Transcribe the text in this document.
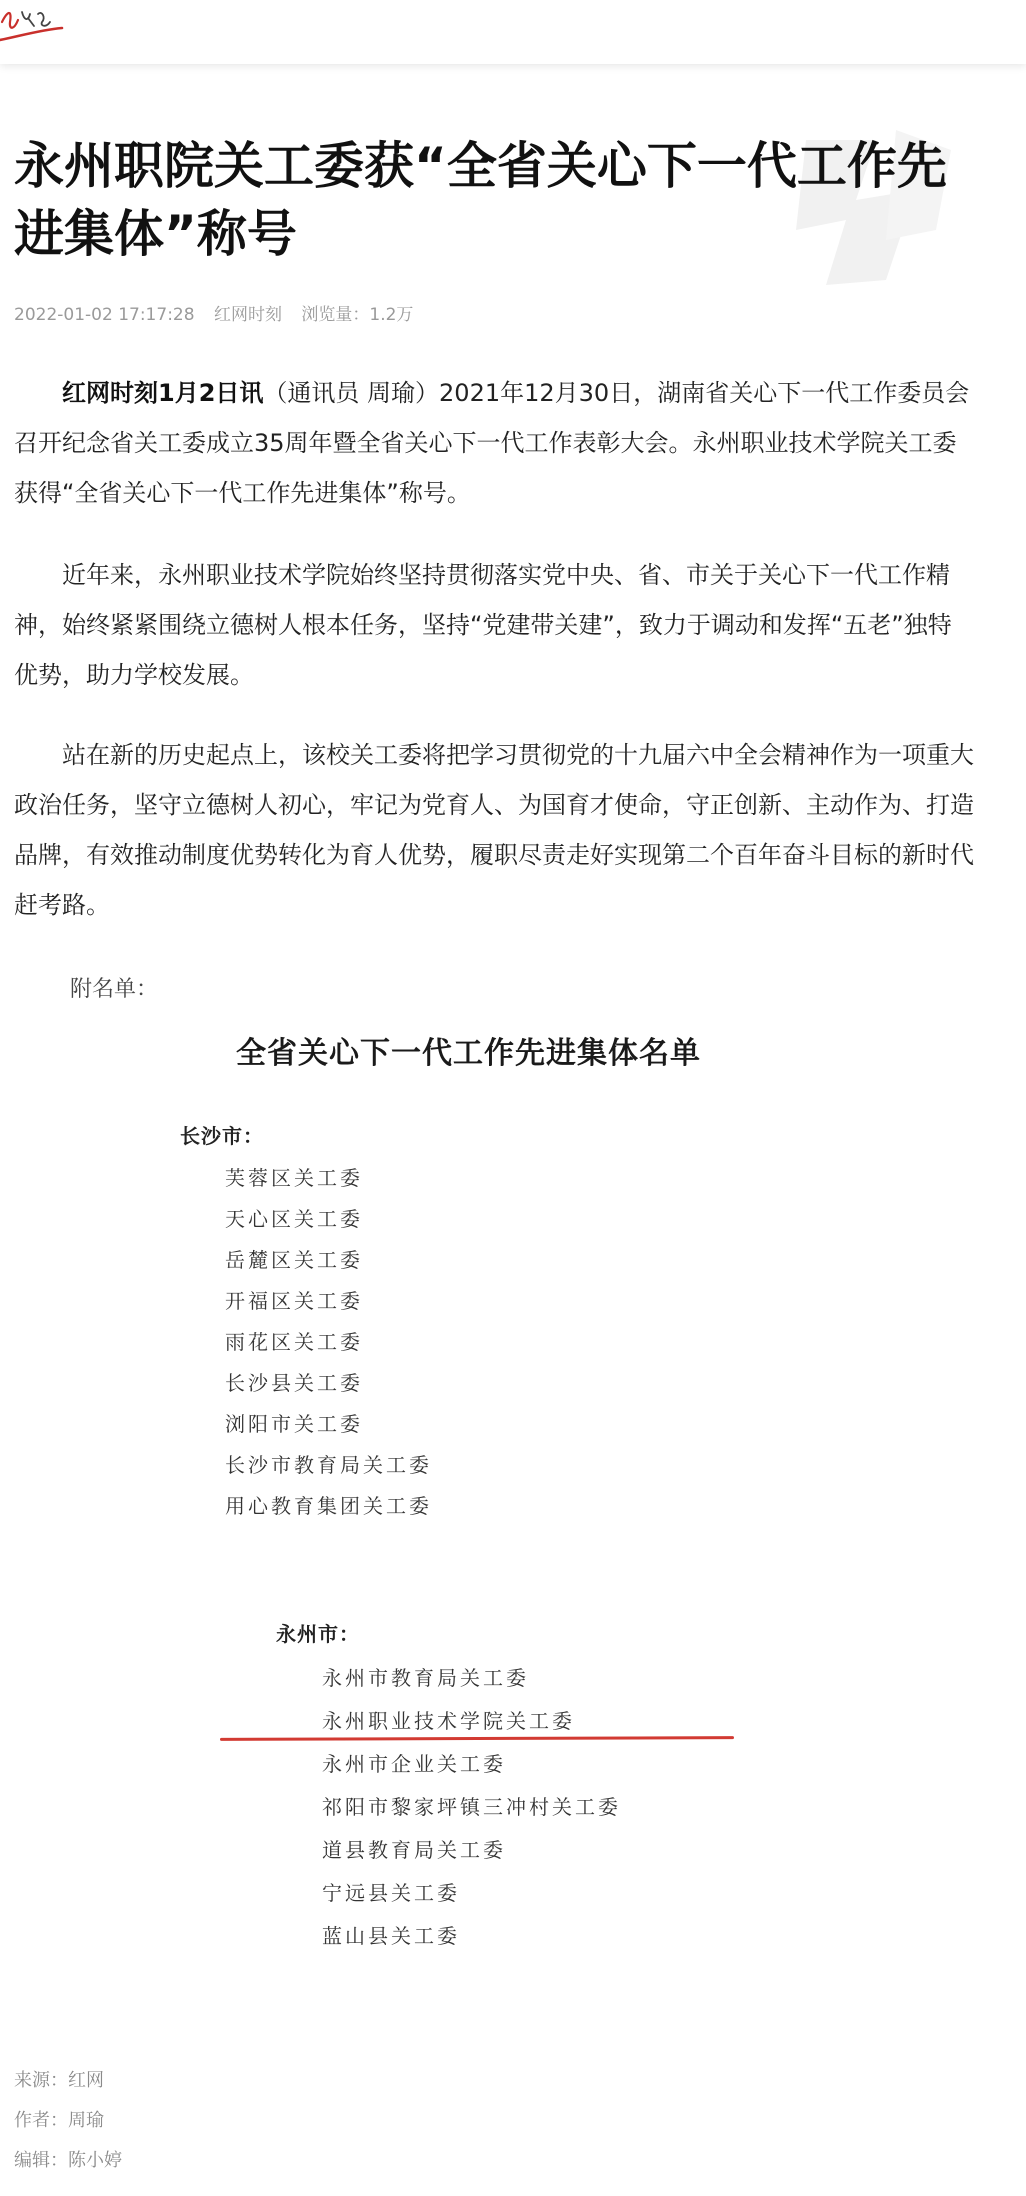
永州职院关工委获“全省关心下一代工作先进集体”称号
2022-01-02 17:17:28 红网时刻 浏览量：1.2万

红网时刻1月2日讯（通讯员 周瑜）2021年12月30日，湖南省关心下一代工作委员会召开纪念省关工委成立35周年暨全省关心下一代工作表彰大会。永州职业技术学院关工委获得“全省关心下一代工作先进集体”称号。

近年来，永州职业技术学院始终坚持贯彻落实党中央、省、市关于关心下一代工作精神，始终紧紧围绕立德树人根本任务，坚持“党建带关建”，致力于调动和发挥“五老”独特优势，助力学校发展。

站在新的历史起点上，该校关工委将把学习贯彻党的十九届六中全会精神作为一项重大政治任务，坚守立德树人初心，牢记为党育人、为国育才使命，守正创新、主动作为、打造品牌，有效推动制度优势转化为育人优势，履职尽责走好实现第二个百年奋斗目标的新时代赶考路。

附名单：
全省关心下一代工作先进集体名单
长沙市：
芙蓉区关工委
天心区关工委
岳麓区关工委
开福区关工委
雨花区关工委
长沙县关工委
浏阳市关工委
长沙市教育局关工委
用心教育集团关工委
永州市：
永州市教育局关工委
永州职业技术学院关工委
永州市企业关工委
祁阳市黎家坪镇三冲村关工委
道县教育局关工委
宁远县关工委
蓝山县关工委
来源：红网
作者：周瑜
编辑：陈小婷
